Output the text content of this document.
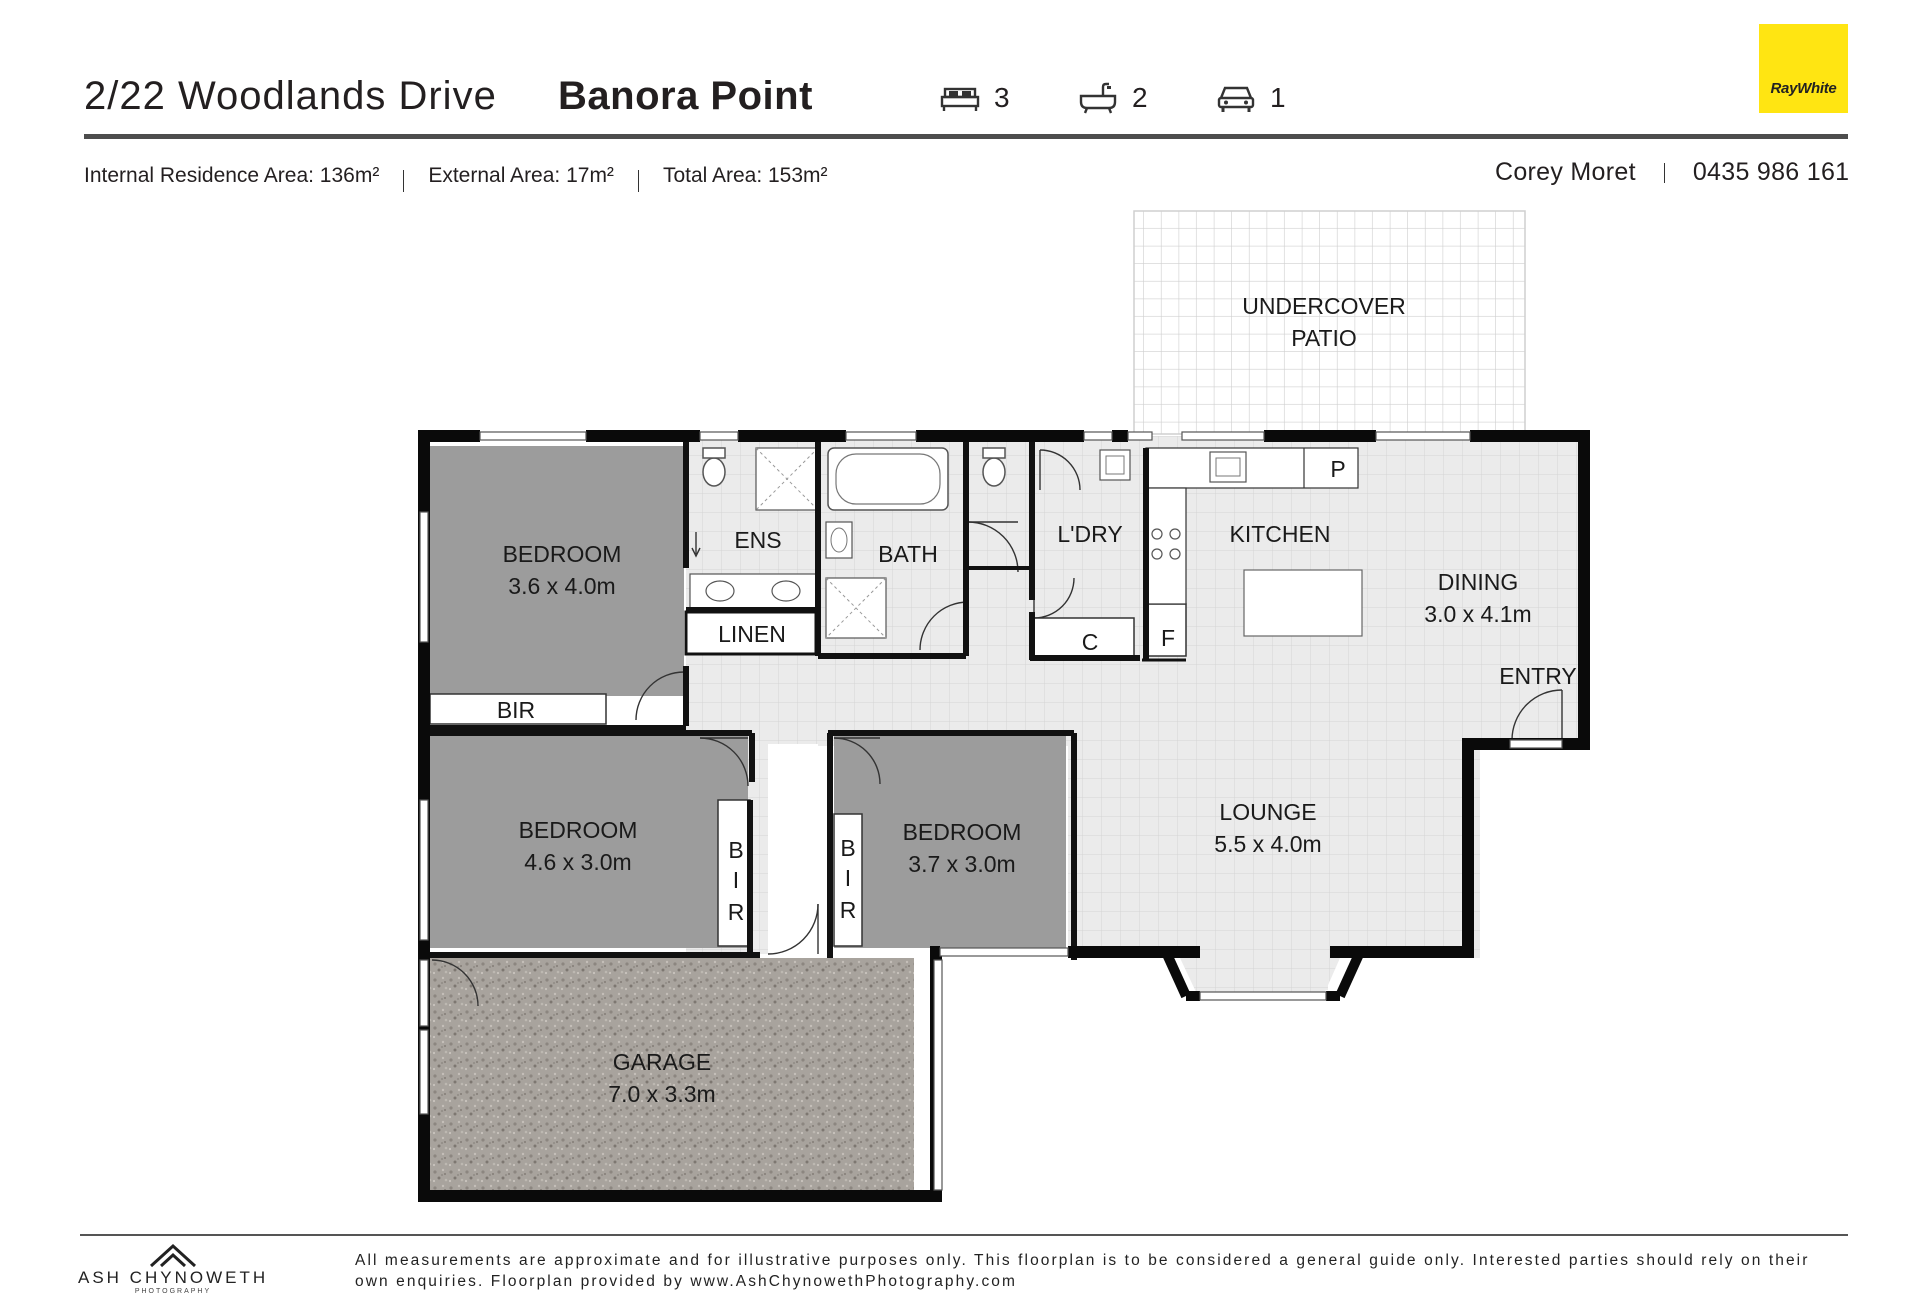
2/22 Woodlands Drive Banora Point	3	2	1	RayWhite
Internal Residence Area: 136m² External Area: 17m² Total Area: 153m²	Corey Moret 0435 986 161
UNDERCOVER
PATIO
BEDROOM
3.6 x 4.0m
BIR
ENS
BATH
LINEN
L'DRY
C
KITCHEN
P
F
DINING
3.0 x 4.1m
ENTRY
LOUNGE
5.5 x 4.0m
BEDROOM
4.6 x 3.0m
BEDROOM
3.7 x 3.0m
B
I
R
B
I
R
GARAGE
7.0 x 3.3m
ASH CHYNOWETH
PHOTOGRAPHY
All measurements are approximate and for illustrative purposes only. This floorplan is to be considered a general guide only. Interested parties should rely on their own enquiries. Floorplan provided by www.AshChynowethPhotography.com
